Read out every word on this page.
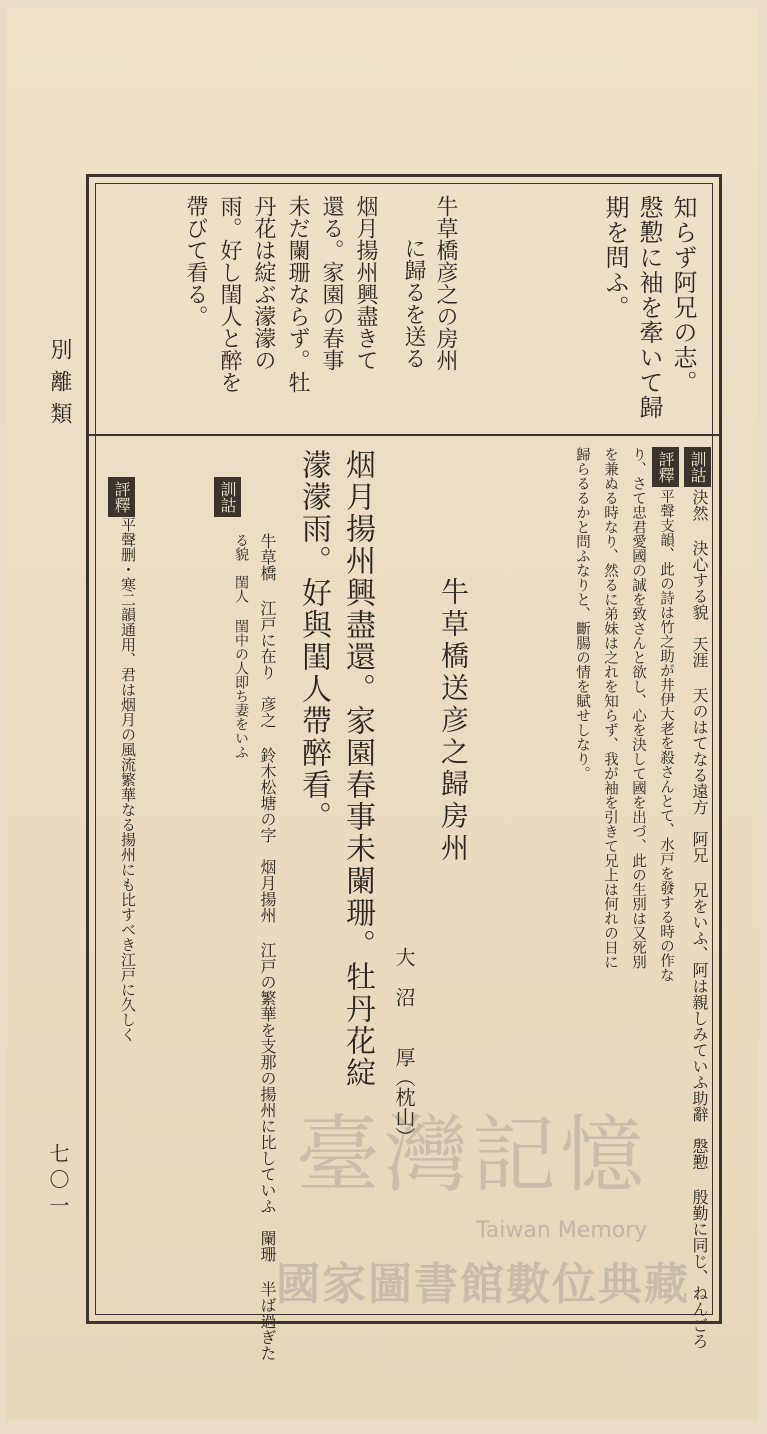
別離類
七〇一
知らず阿兄の志。
慇懃に袖を牽いて歸
期を問ふ。
牛草橋彦之の房州
に歸るを送る
烟月揚州興盡きて
還る。家園の春事
未だ闌珊ならず。牡
丹花は綻ぶ濛濛の
雨。好し閨人と醉を
帶びて看る。
訓詁
決然 決心する貌　天涯 天のはてなる遠方　阿兄 兄をいふ、阿は親しみていふ助辭　慇懃 殷勤に同じ、ねんごろ
評釋
平聲支韻、此の詩は竹之助が井伊大老を殺さんとて、水戸を發する時の作な
り、さて忠君愛國の誠を致さんと欲し、心を決して國を出づ、此の生別は又死別
を兼ぬる時なり、然るに弟妹は之れを知らず、我が袖を引きて兄上は何れの日に
歸らるるかと問ふなりと、斷腸の情を賦せしなり。
牛草橋送彦之歸房州
大　沼　　厚（枕山）
烟月揚州興盡還。家園春事未闌珊。牡丹花綻
濛濛雨。好與閨人帶醉看。
訓詁
牛草橋 江戸に在り　彦之 鈴木松塘の字　烟月揚州 江戸の繁華を支那の揚州に比していふ　闌珊 半ば過ぎた
る貌　閨人 閨中の人即ち妻をいふ
評釋
平聲删・寒二韻通用、君は烟月の風流繁華なる揚州にも比すべき江戸に久しく
臺灣記憶
Taiwan Memory
國家圖書館數位典藏
